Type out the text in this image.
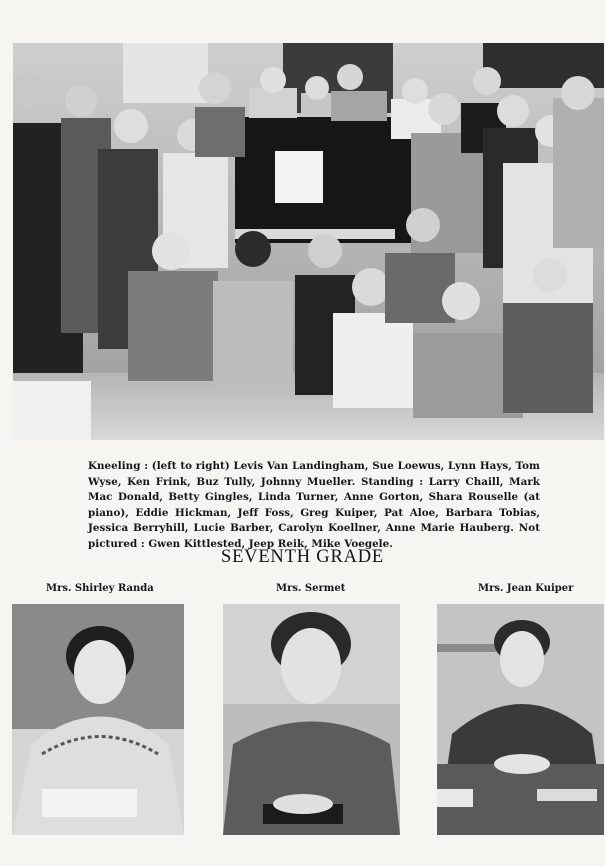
Kneeling : (left to right) Levis Van Landingham, Sue Loewus, Lynn Hays, Tom Wyse, Ken Frink, Buz Tully, Johnny Mueller. Standing : Larry Chaill, Mark Mac Donald, Betty Gingles, Linda Turner, Anne Gorton, Shara Rouselle (at piano), Eddie Hickman, Jeff Foss, Greg Kuiper, Pat Aloe, Barbara Tobias, Jessica Berryhill, Lucie Barber, Carolyn Koellner, Anne Marie Hauberg. Not pictured : Gwen Kittlested, Jeep Reik, Mike Voegele.
SEVENTH GRADE
Mrs. Shirley Randa	Mrs. Sermet	Mrs. Jean Kuiper
